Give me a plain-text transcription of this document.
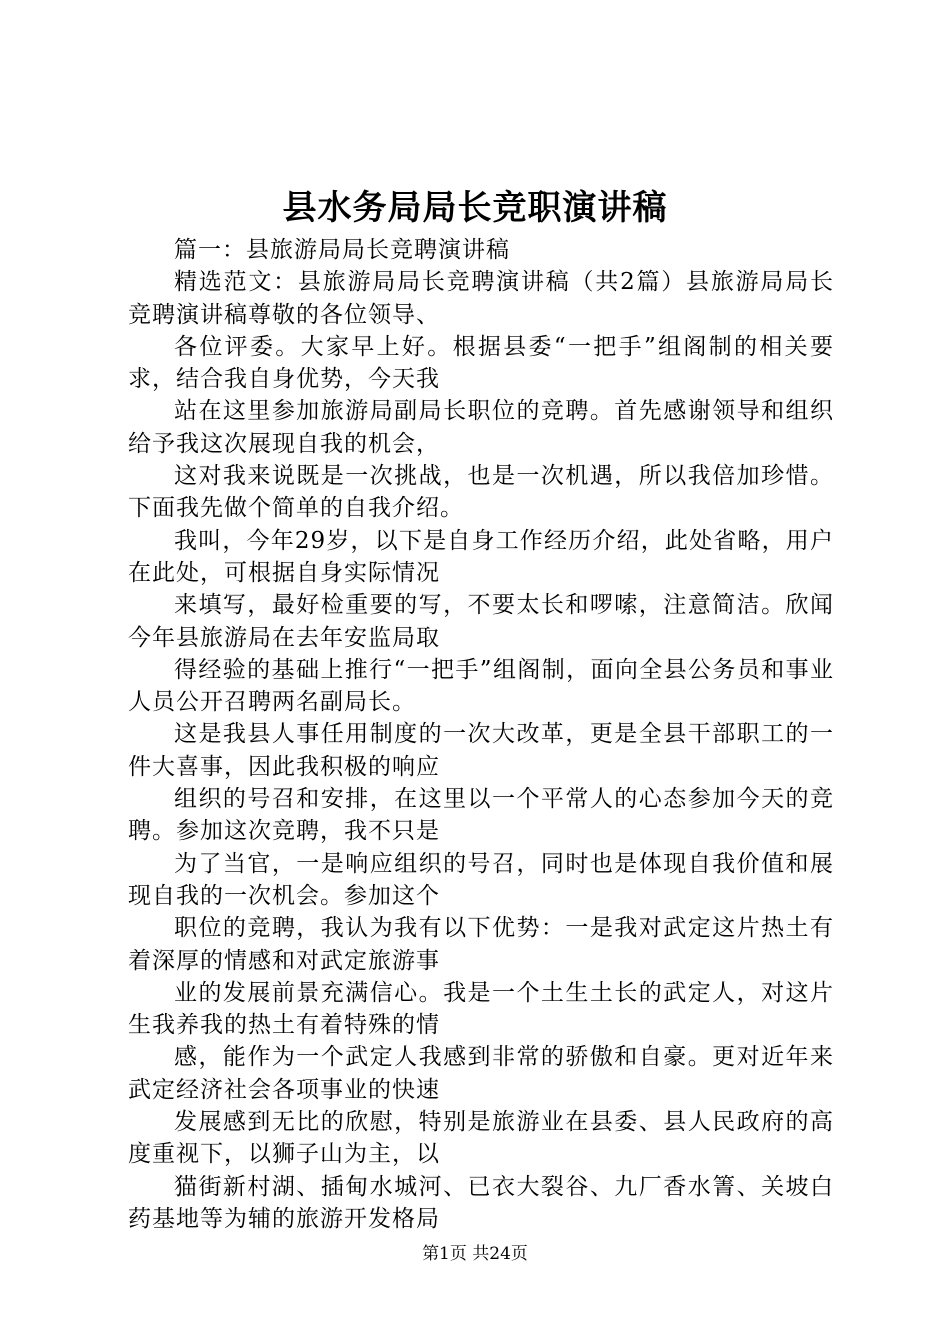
县水务局局长竞职演讲稿

篇一：县旅游局局长竞聘演讲稿

精选范文：县旅游局局长竞聘演讲稿（共2篇）县旅游局局长竞聘演讲稿尊敬的各位领导、

各位评委。大家早上好。根据县委“一把手”组阁制的相关要求，结合我自身优势，今天我

站在这里参加旅游局副局长职位的竞聘。首先感谢领导和组织给予我这次展现自我的机会，

这对我来说既是一次挑战，也是一次机遇，所以我倍加珍惜。下面我先做个简单的自我介绍。

我叫，今年29岁，以下是自身工作经历介绍，此处省略，用户在此处，可根据自身实际情况

来填写，最好检重要的写，不要太长和啰嗦，注意简洁。欣闻今年县旅游局在去年安监局取

得经验的基础上推行“一把手”组阁制，面向全县公务员和事业人员公开召聘两名副局长。

这是我县人事任用制度的一次大改革，更是全县干部职工的一件大喜事，因此我积极的响应

组织的号召和安排，在这里以一个平常人的心态参加今天的竞聘。参加这次竞聘，我不只是

为了当官，一是响应组织的号召，同时也是体现自我价值和展现自我的一次机会。参加这个

职位的竞聘，我认为我有以下优势：一是我对武定这片热土有着深厚的情感和对武定旅游事

业的发展前景充满信心。我是一个土生土长的武定人，对这片生我养我的热土有着特殊的情

感，能作为一个武定人我感到非常的骄傲和自豪。更对近年来武定经济社会各项事业的快速

发展感到无比的欣慰，特别是旅游业在县委、县人民政府的高度重视下，以狮子山为主，以

猫街新村湖、插甸水城河、已衣大裂谷、九厂香水箐、关坡白药基地等为辅的旅游开发格局

第1页 共24页
